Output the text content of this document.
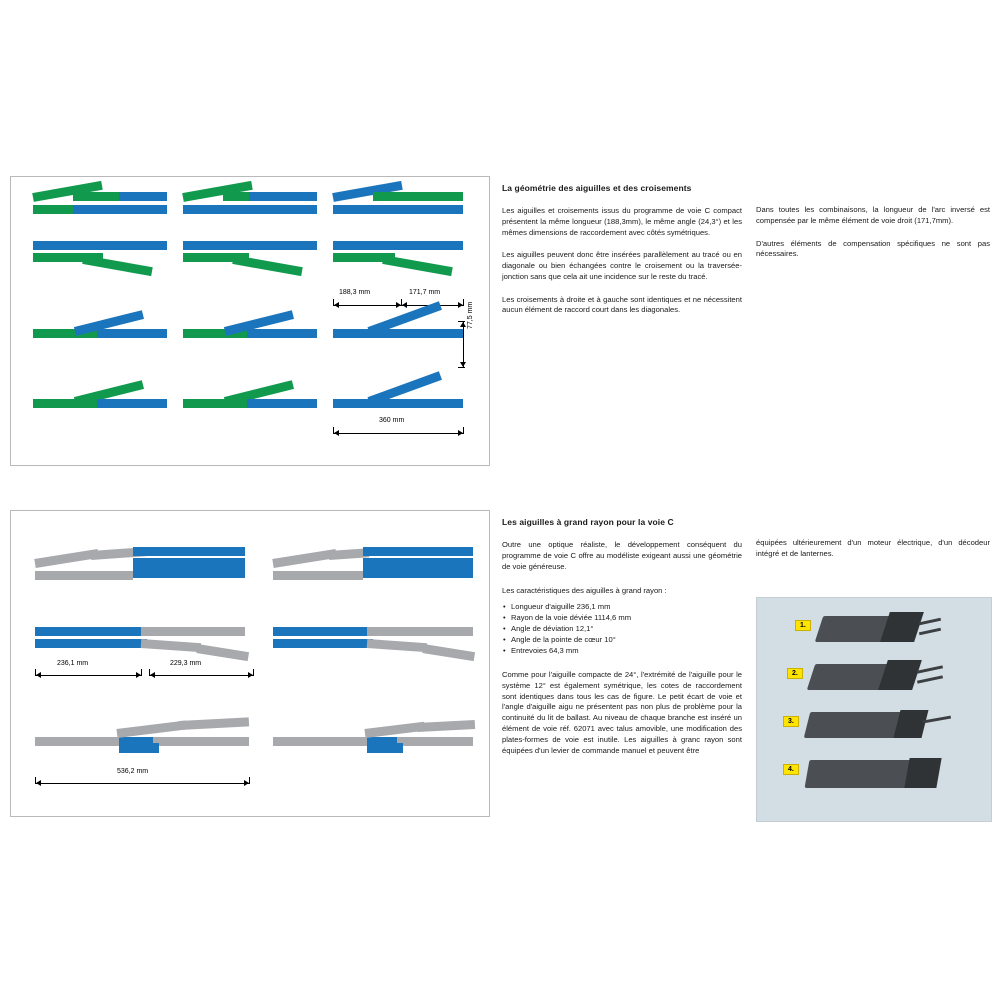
188,3 mm	171,7 mm
77,5 mm
360 mm
La géométrie des aiguilles et des croisements
Les aiguilles et croisements issus du programme de voie C compact présentent la même longueur (188,3mm), le même angle (24,3°) et les mêmes dimensions de raccordement avec côtés symétriques.
Les aiguilles peuvent donc être insérées parallèlement au tracé ou en diagonale ou bien échangées contre le croisement ou la traversée-jonction sans que cela ait une incidence sur le reste du tracé.
Les croisements à droite et à gauche sont identiques et ne nécessitent aucun élément de raccord court dans les diagonales.
Dans toutes les combinaisons, la longueur de l'arc inversé est compensée par le même élément de voie droit (171,7mm).
D'autres éléments de compensation spécifiques ne sont pas nécessaires.
236,1 mm	229,3 mm
536,2 mm
Les aiguilles à grand rayon pour la voie C
Outre une optique réaliste, le développement conséquent du programme de voie C offre au modéliste exigeant aussi une géométrie de voie généreuse.
Les caractéristiques des aiguilles à grand rayon :
• Longueur d'aiguille 236,1 mm
• Rayon de la voie déviée 1114,6 mm
• Angle de déviation 12,1°
• Angle de la pointe de cœur 10°
• Entrevoies 64,3 mm
Comme pour l'aiguille compacte de 24°, l'extrémité de l'aiguille pour le système 12° est également symétrique, les cotes de raccordement sont identiques dans tous les cas de figure. Le petit écart de voie et l'angle d'aiguille aigu ne présentent pas non plus de problème pour la continuité du lit de ballast. Au niveau de chaque branche est inséré un élément de voie réf. 62071 avec talus amovible, une modification des plates-formes de voie est inutile. Les aiguilles à granc rayon sont équipées d'un levier de commande manuel et peuvent être
équipées ultérieurement d'un moteur électrique, d'un décodeur intégré et de lanternes.
1.
2.
3.
4.
